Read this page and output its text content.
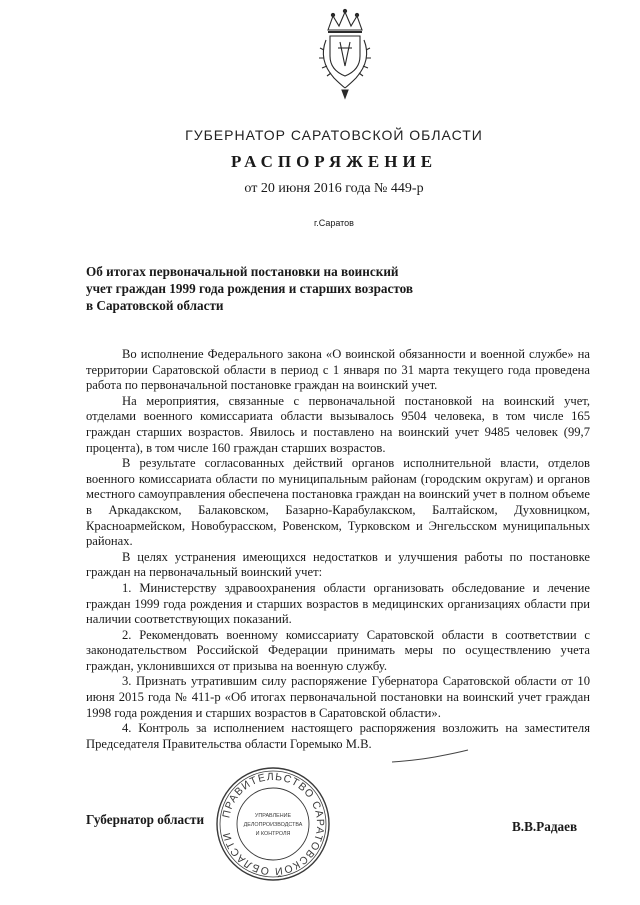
ГУБЕРНАТОР САРАТОВСКОЙ ОБЛАСТИ
РАСПОРЯЖЕНИЕ
от 20 июня 2016 года № 449-р
г.Саратов
Об итогах первоначальной постановки на воинский
учет граждан 1999 года рождения и старших возрастов
в Саратовской области

Во исполнение Федерального закона «О воинской обязанности и военной службе» на территории Саратовской области в период с 1 января по 31 марта текущего года проведена работа по первоначальной постановке граждан на воинский учет.

На мероприятия, связанные с первоначальной постановкой на воинский учет, отделами военного комиссариата области вызывалось 9504 человека, в том числе 165 граждан старших возрастов. Явилось и поставлено на воинский учет 9485 человек (99,7 процента), в том числе 160 граждан старших возрастов.

В результате согласованных действий органов исполнительной власти, отделов военного комиссариата области по муниципальным районам (городским округам) и органов местного самоуправления обеспечена постановка граждан на воинский учет в полном объеме в Аркадакском, Балаковском, Базарно-Карабулакском, Балтайском, Духовницком, Красноармейском, Новобурасском, Ровенском, Турковском и Энгельсском муниципальных районах.

В целях устранения имеющихся недостатков и улучшения работы по постановке граждан на первоначальный воинский учет:

1. Министерству здравоохранения области организовать обследование и лечение граждан 1999 года рождения и старших возрастов в медицинских организациях области при наличии соответствующих показаний.

2. Рекомендовать военному комиссариату Саратовской области в соответствии с законодательством Российской Федерации принимать меры по осуществлению учета граждан, уклонившихся от призыва на военную службу.

3. Признать утратившим силу распоряжение Губернатора Саратовской области от 10 июня 2015 года № 411-р «Об итогах первоначальной постановки на воинский учет граждан 1998 года рождения и старших возрастов в Саратовской области».

4. Контроль за исполнением настоящего распоряжения возложить на заместителя Председателя Правительства области Горемыко М.В.

ПРАВИТЕЛЬСТВО САРАТОВСКОЙ ОБЛАСТИ
УПРАВЛЕНИЕ
ДЕЛОПРОИЗВОДСТВА
И КОНТРОЛЯ
Губернатор области	В.В.Радаев
